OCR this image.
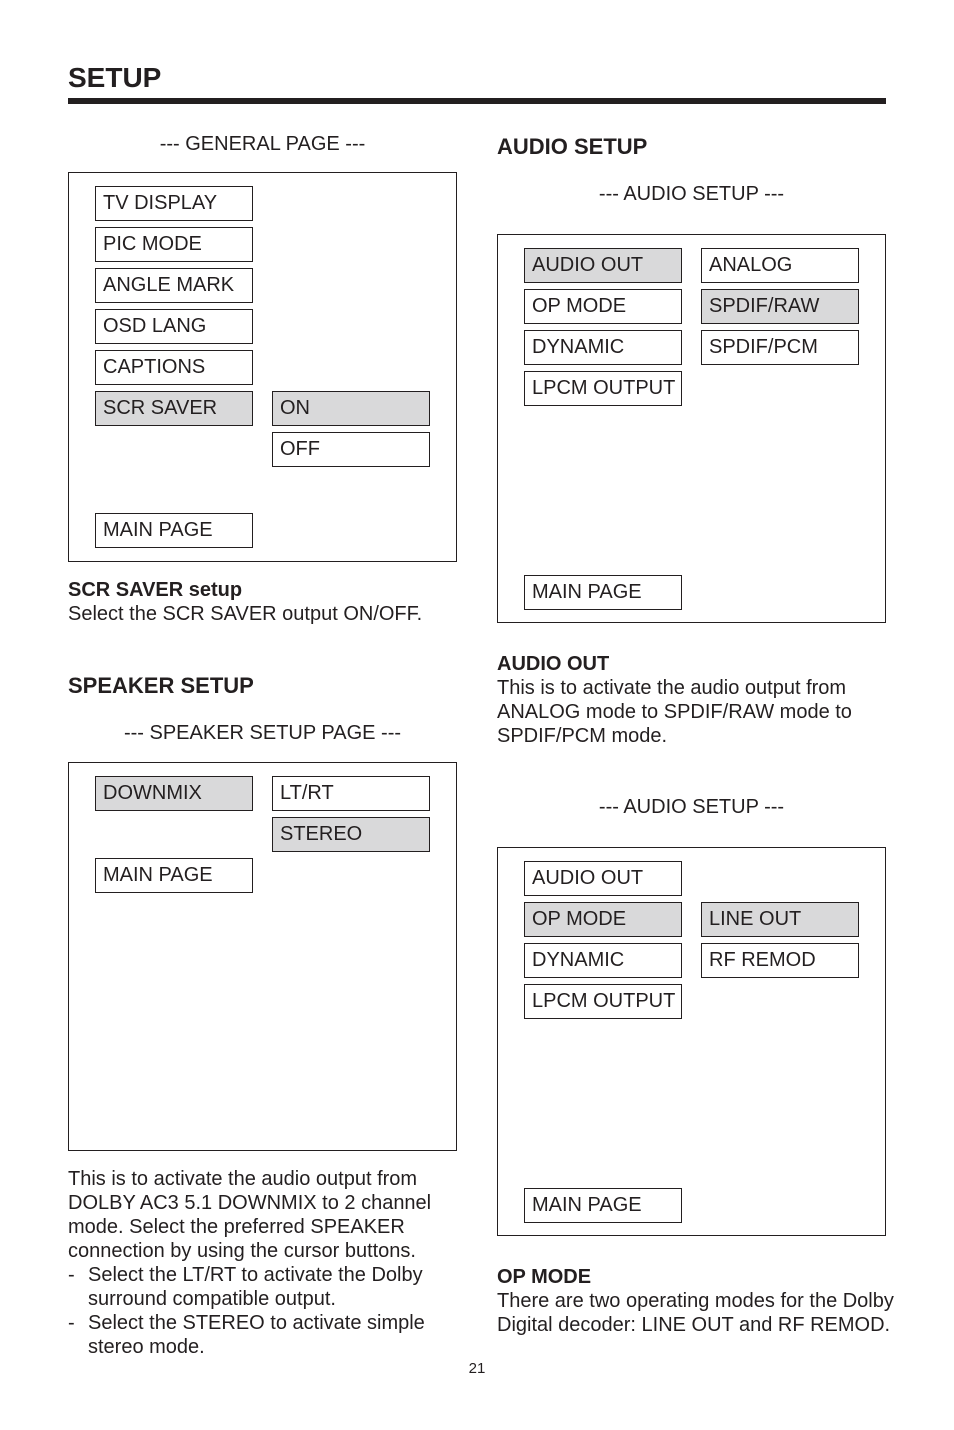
SETUP
--- GENERAL PAGE ---
TV DISPLAY
PIC MODE
ANGLE MARK
OSD LANG
CAPTIONS
SCR SAVER	ON
OFF
MAIN PAGE
SCR SAVER setup
Select the SCR SAVER output ON/OFF.
SPEAKER SETUP
--- SPEAKER SETUP PAGE ---
DOWNMIX	LT/RT
STEREO
MAIN PAGE
This is to activate the audio output from DOLBY AC3 5.1 DOWNMIX to 2 channel mode. Select the preferred SPEAKER connection by using the cursor buttons.
- Select the LT/RT to activate the Dolby surround compatible output.
- Select the STEREO to activate simple stereo mode.
AUDIO SETUP
--- AUDIO SETUP ---
AUDIO OUT
OP MODE
DYNAMIC
LPCM OUTPUT
ANALOG
SPDIF/RAW
SPDIF/PCM
MAIN PAGE
AUDIO OUT
This is to activate the audio output from ANALOG mode to SPDIF/RAW mode to SPDIF/PCM mode.
--- AUDIO SETUP ---
AUDIO OUT
OP MODE
DYNAMIC
LPCM OUTPUT
LINE OUT
RF REMOD
MAIN PAGE
OP MODE
There are two operating modes for the Dolby Digital decoder: LINE OUT and RF REMOD.
21
